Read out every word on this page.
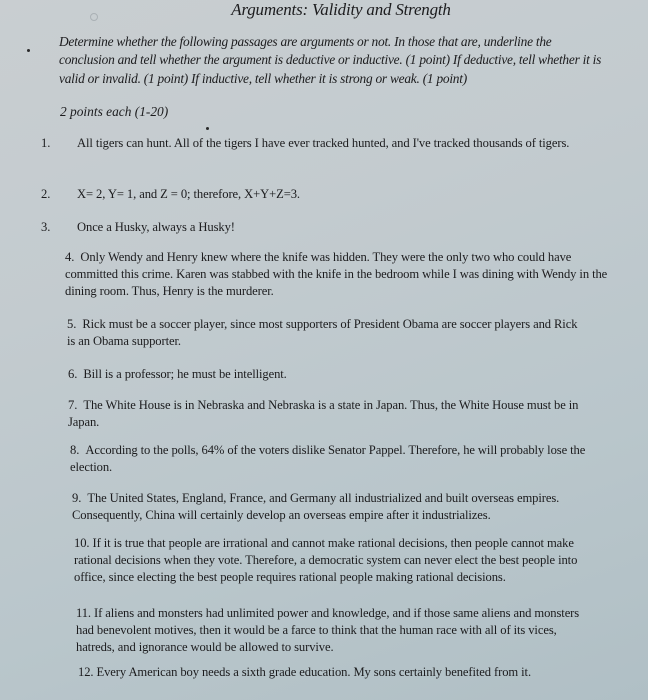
Arguments: Validity and Strength
Determine whether the following passages are arguments or not. In those that are, underline the conclusion and tell whether the argument is deductive or inductive. (1 point) If deductive, tell whether it is valid or invalid. (1 point) If inductive, tell whether it is strong or weak. (1 point)
2 points each (1-20)
1. All tigers can hunt. All of the tigers I have ever tracked hunted, and I've tracked thousands of tigers.
2. X= 2, Y= 1, and Z = 0; therefore, X+Y+Z=3.
3. Once a Husky, always a Husky!
4. Only Wendy and Henry knew where the knife was hidden. They were the only two who could have committed this crime. Karen was stabbed with the knife in the bedroom while I was dining with Wendy in the dining room. Thus, Henry is the murderer.
5. Rick must be a soccer player, since most supporters of President Obama are soccer players and Rick is an Obama supporter.
6. Bill is a professor; he must be intelligent.
7. The White House is in Nebraska and Nebraska is a state in Japan. Thus, the White House must be in Japan.
8. According to the polls, 64% of the voters dislike Senator Pappel. Therefore, he will probably lose the election.
9. The United States, England, France, and Germany all industrialized and built overseas empires. Consequently, China will certainly develop an overseas empire after it industrializes.
10. If it is true that people are irrational and cannot make rational decisions, then people cannot make rational decisions when they vote. Therefore, a democratic system can never elect the best people into office, since electing the best people requires rational people making rational decisions.
11. If aliens and monsters had unlimited power and knowledge, and if those same aliens and monsters had benevolent motives, then it would be a farce to think that the human race with all of its vices, hatreds, and ignorance would be allowed to survive.
12. Every American boy needs a sixth grade education. My sons certainly benefited from it.
